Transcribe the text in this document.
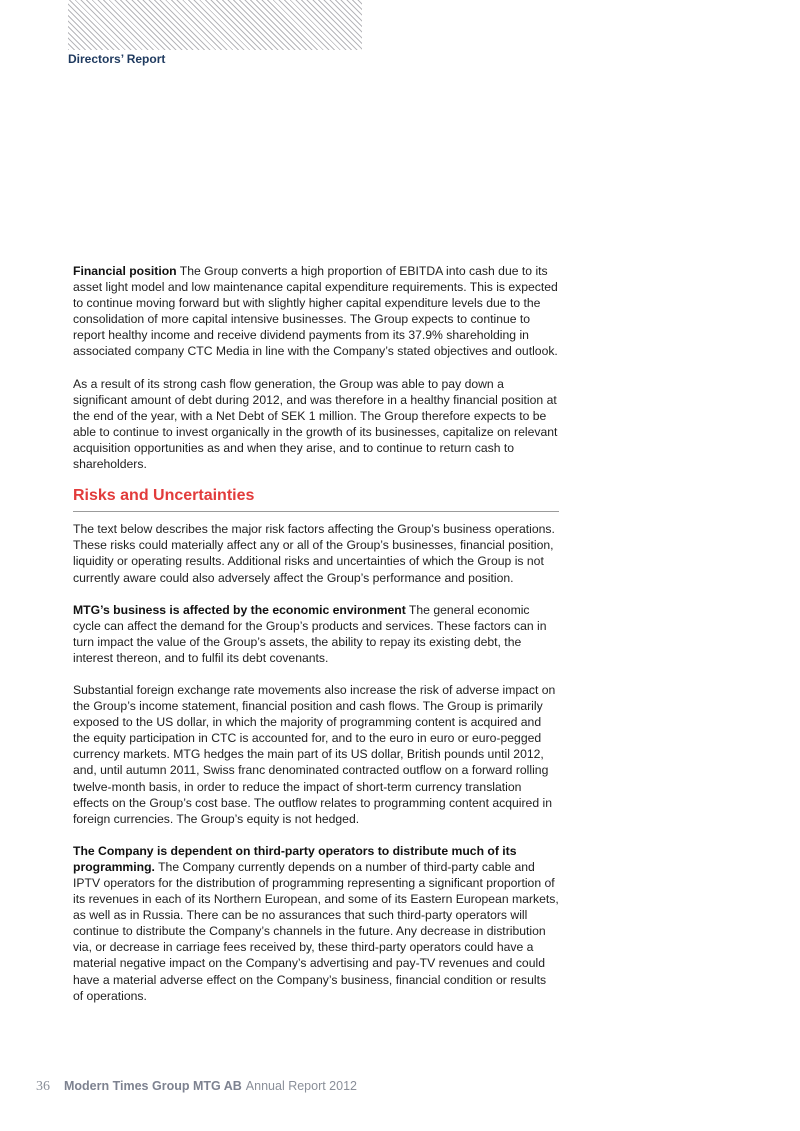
Directors’ Report

Financial position The Group converts a high proportion of EBITDA into cash due to its asset light model and low maintenance capital expenditure requirements. This is expected to continue moving forward but with slightly higher capital expenditure levels due to the consolidation of more capital intensive businesses. The Group expects to continue to report healthy income and receive dividend payments from its 37.9% shareholding in associated company CTC Media in line with the Company’s stated objectives and outlook.

As a result of its strong cash flow generation, the Group was able to pay down a significant amount of debt during 2012, and was therefore in a healthy financial position at the end of the year, with a Net Debt of SEK 1 million. The Group therefore expects to be able to continue to invest organically in the growth of its businesses, capitalize on relevant acquisition opportunities as and when they arise, and to continue to return cash to shareholders.

Risks and Uncertainties

The text below describes the major risk factors affecting the Group’s business operations. These risks could materially affect any or all of the Group’s businesses, financial position, liquidity or operating results. Additional risks and uncertainties of which the Group is not currently aware could also adversely affect the Group’s performance and position.

MTG’s business is affected by the economic environment The general economic cycle can affect the demand for the Group’s products and services. These factors can in turn impact the value of the Group’s assets, the ability to repay its existing debt, the interest thereon, and to fulfil its debt covenants.

Substantial foreign exchange rate movements also increase the risk of adverse impact on the Group’s income statement, financial position and cash flows. The Group is primarily exposed to the US dollar, in which the majority of programming content is acquired and the equity participation in CTC is accounted for, and to the euro in euro or euro-pegged currency markets. MTG hedges the main part of its US dollar, British pounds until 2012, and, until autumn 2011, Swiss franc denominated contracted outflow on a forward rolling twelve-month basis, in order to reduce the impact of short-term currency translation effects on the Group’s cost base. The outflow relates to programming content acquired in foreign currencies. The Group’s equity is not hedged.

The Company is dependent on third-party operators to distribute much of its programming. The Company currently depends on a number of third-party cable and IPTV operators for the distribution of programming representing a significant proportion of its revenues in each of its Northern European, and some of its Eastern European markets, as well as in Russia. There can be no assurances that such third-party operators will continue to distribute the Company’s channels in the future. Any decrease in distribution via, or decrease in carriage fees received by, these third-party operators could have a material negative impact on the Company’s advertising and pay-TV revenues and could have a material adverse effect on the Company’s business, financial condition or results of operations.

36 Modern Times Group MTG AB Annual Report 2012
